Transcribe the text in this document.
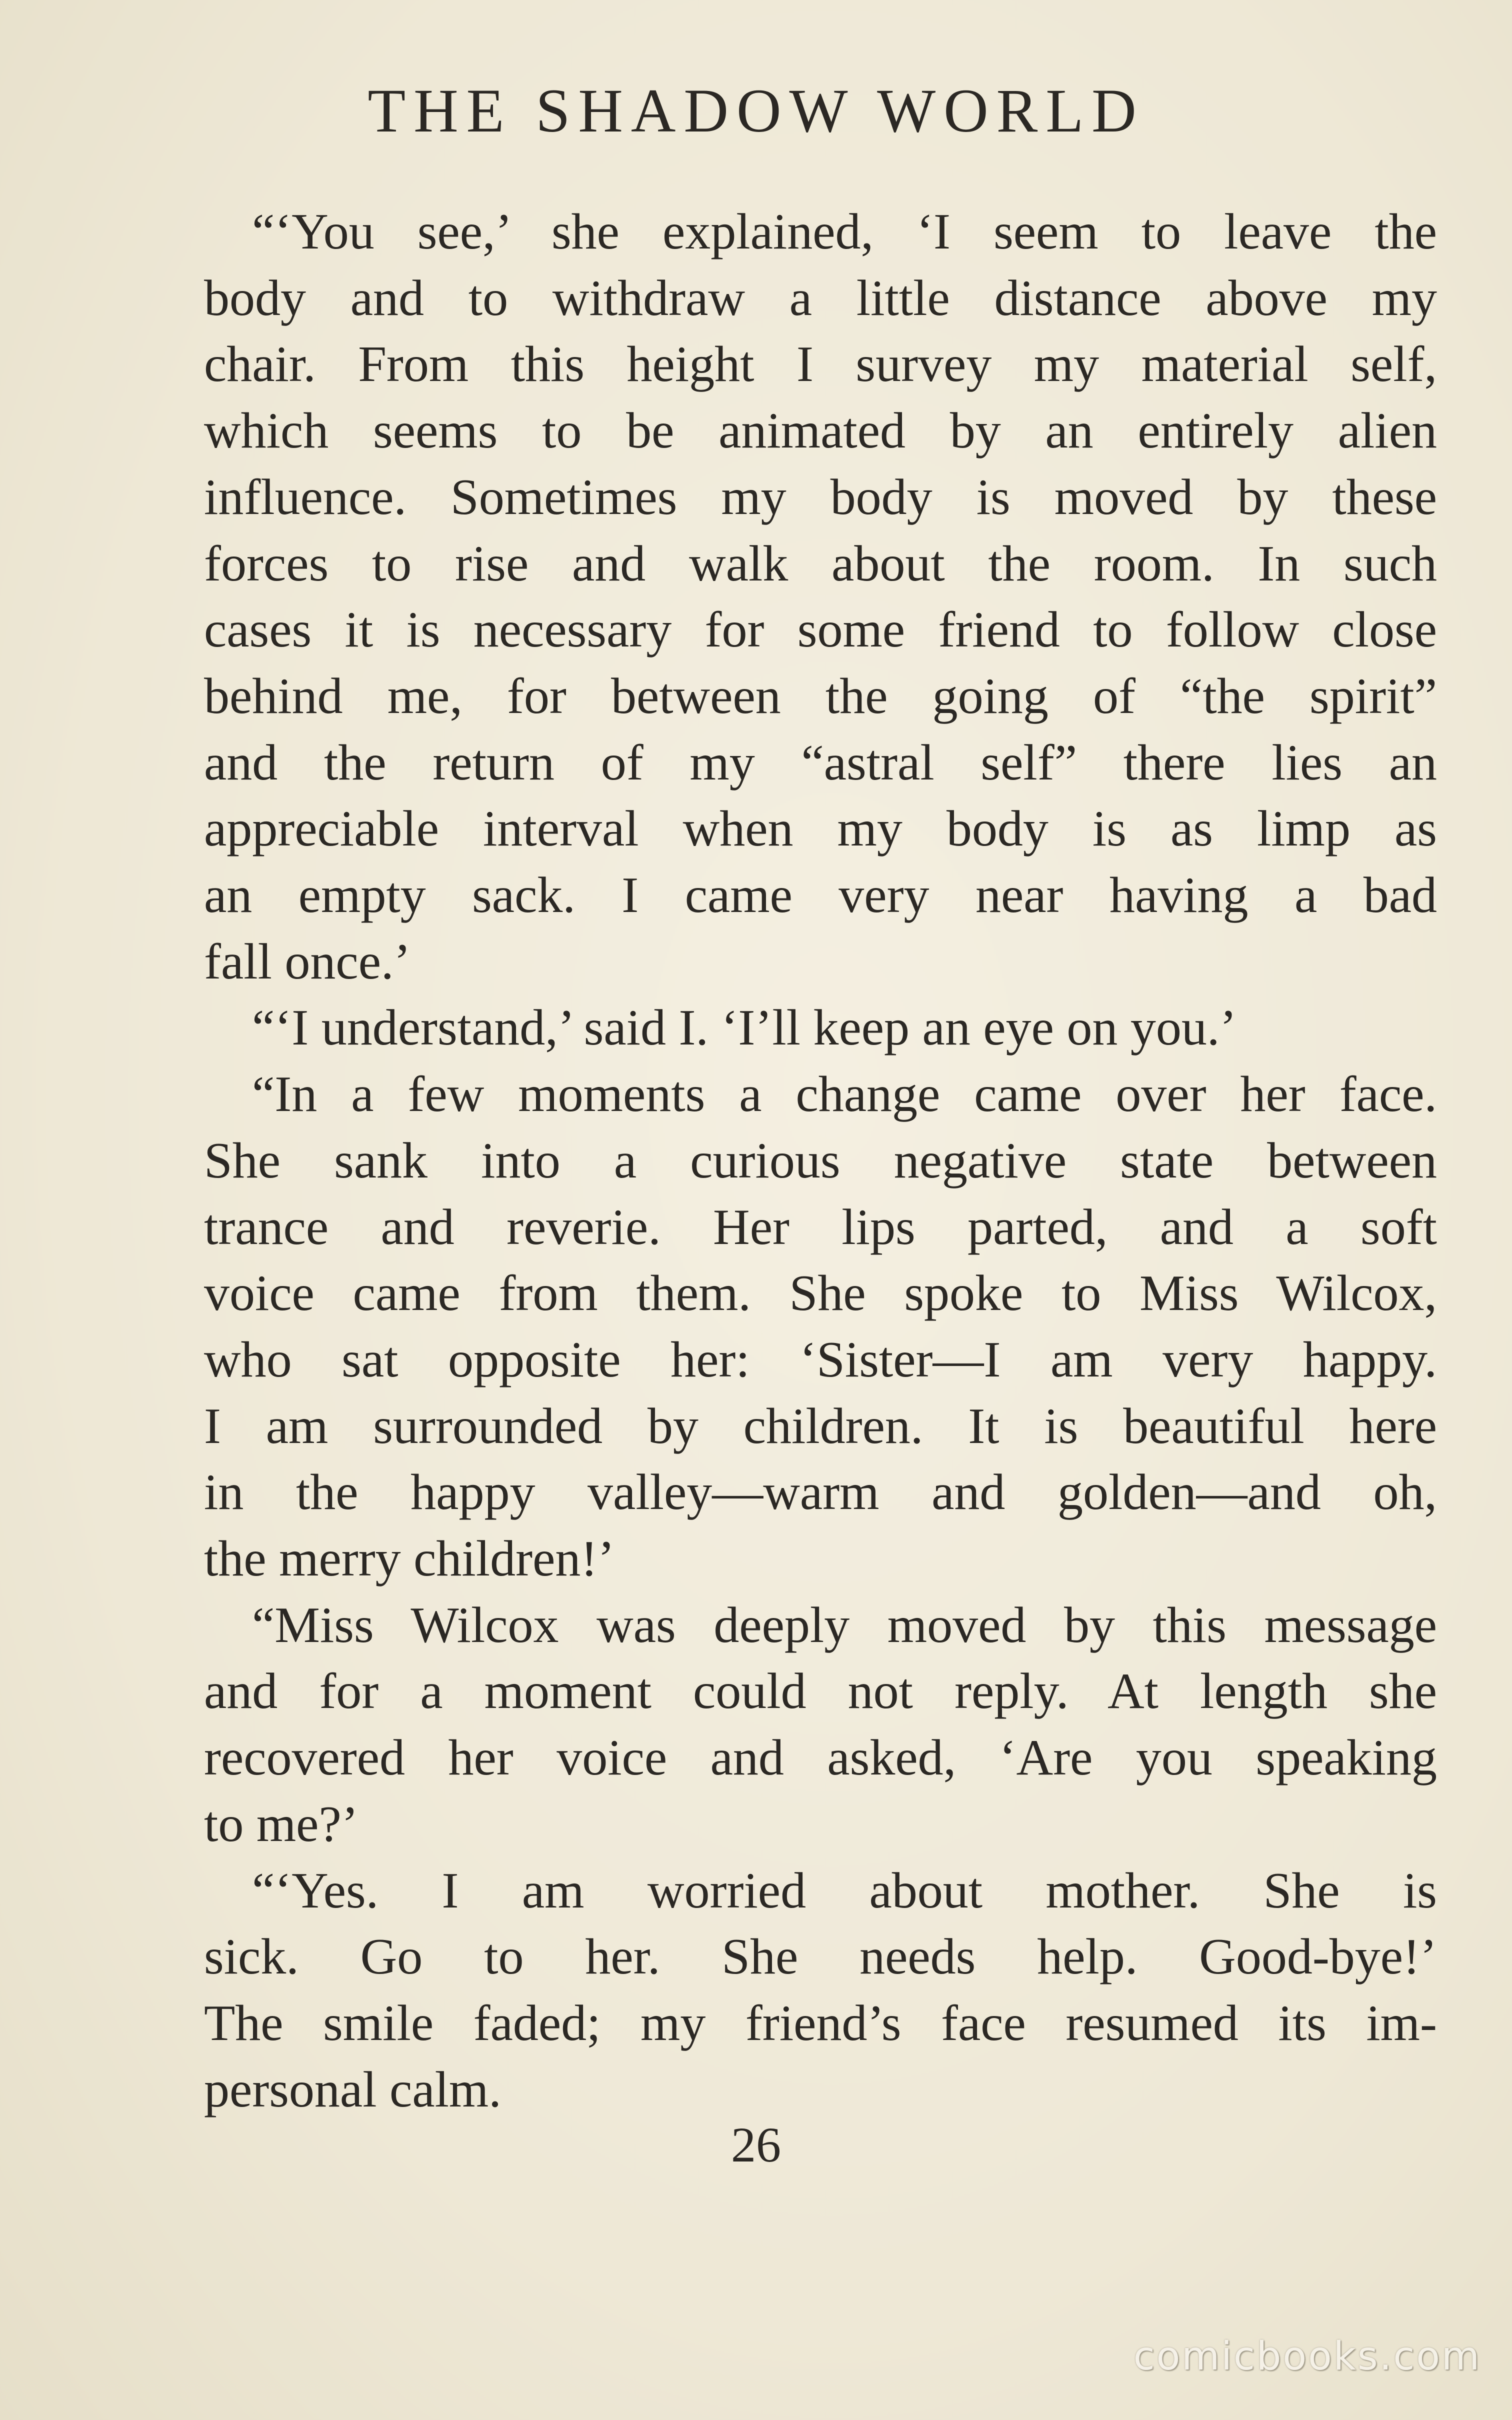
THE SHADOW WORLD

“‘You see,’ she explained, ‘I seem to leave the
body and to withdraw a little distance above my
chair. From this height I survey my material self,
which seems to be animated by an entirely alien
influence. Sometimes my body is moved by these
forces to rise and walk about the room. In such
cases it is necessary for some friend to follow close
behind me, for between the going of “the spirit”
and the return of my “astral self” there lies an
appreciable interval when my body is as limp as
an empty sack. I came very near having a bad
fall once.’

“‘I understand,’ said I. ‘I’ll keep an eye on you.’

“In a few moments a change came over her face.
She sank into a curious negative state between
trance and reverie. Her lips parted, and a soft
voice came from them. She spoke to Miss Wilcox,
who sat opposite her: ‘Sister—I am very happy.
I am surrounded by children. It is beautiful here
in the happy valley—warm and golden—and oh,
the merry children!’

“Miss Wilcox was deeply moved by this message
and for a moment could not reply. At length she
recovered her voice and asked, ‘Are you speaking
to me?’

“‘Yes. I am worried about mother. She is
sick. Go to her. She needs help. Good-bye!’
The smile faded; my friend’s face resumed its im-
personal calm.

26
comicbooks.com
